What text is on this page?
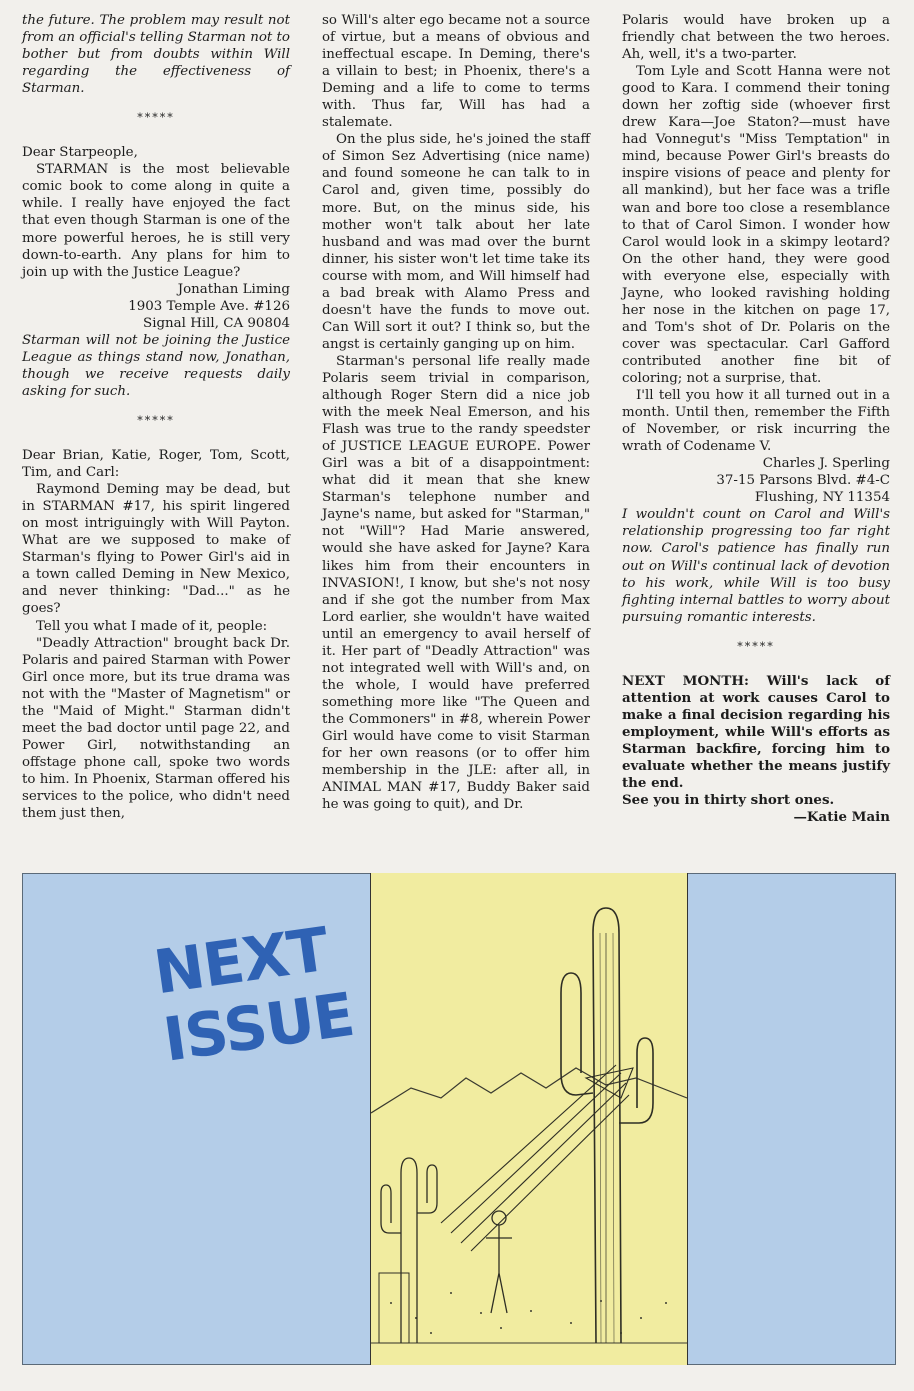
the future. The problem may result not from an official's telling Starman not to bother but from doubts within Will regarding the effectiveness of Starman.

*****

Dear Starpeople,

STARMAN is the most believable comic book to come along in quite a while. I really have enjoyed the fact that even though Starman is one of the more powerful heroes, he is still very down-to-earth. Any plans for him to join up with the Justice League?

Jonathan Liming
1903 Temple Ave. #126
Signal Hill, CA 90804

Starman will not be joining the Justice League as things stand now, Jonathan, though we receive requests daily asking for such.

*****

Dear Brian, Katie, Roger, Tom, Scott, Tim, and Carl:

Raymond Deming may be dead, but in STARMAN #17, his spirit lingered on most intriguingly with Will Payton. What are we supposed to make of Starman's flying to Power Girl's aid in a town called Deming in New Mexico, and never thinking: "Dad..." as he goes?

Tell you what I made of it, people:

"Deadly Attraction" brought back Dr. Polaris and paired Starman with Power Girl once more, but its true drama was not with the "Master of Magnetism" or the "Maid of Might." Starman didn't meet the bad doctor until page 22, and Power Girl, notwithstanding an offstage phone call, spoke two words to him. In Phoenix, Starman offered his services to the police, who didn't need them just then,

so Will's alter ego became not a source of virtue, but a means of obvious and ineffectual escape. In Deming, there's a villain to best; in Phoenix, there's a Deming and a life to come to terms with. Thus far, Will has had a stalemate.

On the plus side, he's joined the staff of Simon Sez Advertising (nice name) and found someone he can talk to in Carol and, given time, possibly do more. But, on the minus side, his mother won't talk about her late husband and was mad over the burnt dinner, his sister won't let time take its course with mom, and Will himself had a bad break with Alamo Press and doesn't have the funds to move out. Can Will sort it out? I think so, but the angst is certainly ganging up on him.

Starman's personal life really made Polaris seem trivial in comparison, although Roger Stern did a nice job with the meek Neal Emerson, and his Flash was true to the randy speedster of JUSTICE LEAGUE EUROPE. Power Girl was a bit of a disappointment: what did it mean that she knew Starman's telephone number and Jayne's name, but asked for "Starman," not "Will"? Had Marie answered, would she have asked for Jayne? Kara likes him from their encounters in INVASION!, I know, but she's not nosy and if she got the number from Max Lord earlier, she wouldn't have waited until an emergency to avail herself of it. Her part of "Deadly Attraction" was not integrated well with Will's and, on the whole, I would have preferred something more like "The Queen and the Commoners" in #8, wherein Power Girl would have come to visit Starman for her own reasons (or to offer him membership in the JLE: after all, in ANIMAL MAN #17, Buddy Baker said he was going to quit), and Dr.

Polaris would have broken up a friendly chat between the two heroes. Ah, well, it's a two-parter.

Tom Lyle and Scott Hanna were not good to Kara. I commend their toning down her zoftig side (whoever first drew Kara—Joe Staton?—must have had Vonnegut's "Miss Temptation" in mind, because Power Girl's breasts do inspire visions of peace and plenty for all mankind), but her face was a trifle wan and bore too close a resemblance to that of Carol Simon. I wonder how Carol would look in a skimpy leotard? On the other hand, they were good with everyone else, especially with Jayne, who looked ravishing holding her nose in the kitchen on page 17, and Tom's shot of Dr. Polaris on the cover was spectacular. Carl Gafford contributed another fine bit of coloring; not a surprise, that.

I'll tell you how it all turned out in a month. Until then, remember the Fifth of November, or risk incurring the wrath of Codename V.

Charles J. Sperling
37-15 Parsons Blvd. #4-C
Flushing, NY 11354

I wouldn't count on Carol and Will's relationship progressing too far right now. Carol's patience has finally run out on Will's continual lack of devotion to his work, while Will is too busy fighting internal battles to worry about pursuing romantic interests.

*****

NEXT MONTH: Will's lack of attention at work causes Carol to make a final decision regarding his employment, while Will's efforts as Starman backfire, forcing him to evaluate whether the means justify the end.

See you in thirty short ones.

—Katie Main

NEXT
ISSUE
